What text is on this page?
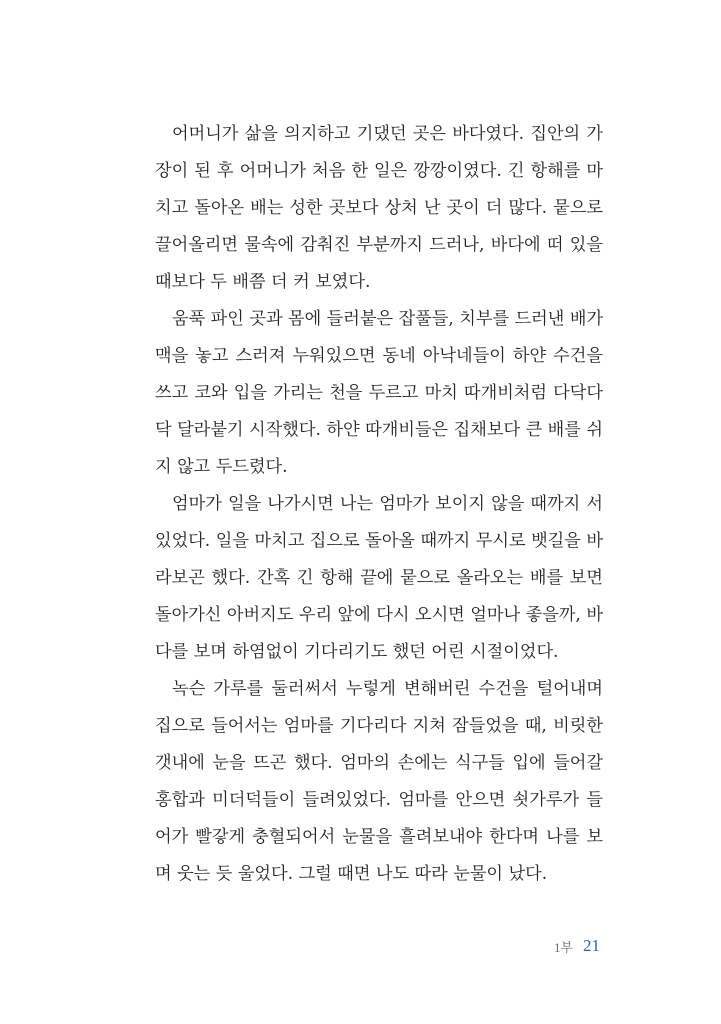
어머니가 삶을 의지하고 기댔던 곳은 바다였다. 집안의 가
장이 된 후 어머니가 처음 한 일은 깡깡이였다. 긴 항해를 마
치고 돌아온 배는 성한 곳보다 상처 난 곳이 더 많다. 뭍으로
끌어올리면 물속에 감춰진 부분까지 드러나, 바다에 떠 있을
때보다 두 배쯤 더 커 보였다.
움푹 파인 곳과 몸에 들러붙은 잡풀들, 치부를 드러낸 배가
맥을 놓고 스러져 누워있으면 동네 아낙네들이 하얀 수건을
쓰고 코와 입을 가리는 천을 두르고 마치 따개비처럼 다닥다
닥 달라붙기 시작했다. 하얀 따개비들은 집채보다 큰 배를 쉬
지 않고 두드렸다.
엄마가 일을 나가시면 나는 엄마가 보이지 않을 때까지 서
있었다. 일을 마치고 집으로 돌아올 때까지 무시로 뱃길을 바
라보곤 했다. 간혹 긴 항해 끝에 뭍으로 올라오는 배를 보면
돌아가신 아버지도 우리 앞에 다시 오시면 얼마나 좋을까, 바
다를 보며 하염없이 기다리기도 했던 어린 시절이었다.
녹슨 가루를 둘러써서 누렇게 변해버린 수건을 털어내며
집으로 들어서는 엄마를 기다리다 지쳐 잠들었을 때, 비릿한
갯내에 눈을 뜨곤 했다. 엄마의 손에는 식구들 입에 들어갈
홍합과 미더덕들이 들려있었다. 엄마를 안으면 쇳가루가 들
어가 빨갛게 충혈되어서 눈물을 흘려보내야 한다며 나를 보
며 웃는 듯 울었다. 그럴 때면 나도 따라 눈물이 났다.
1부 21
